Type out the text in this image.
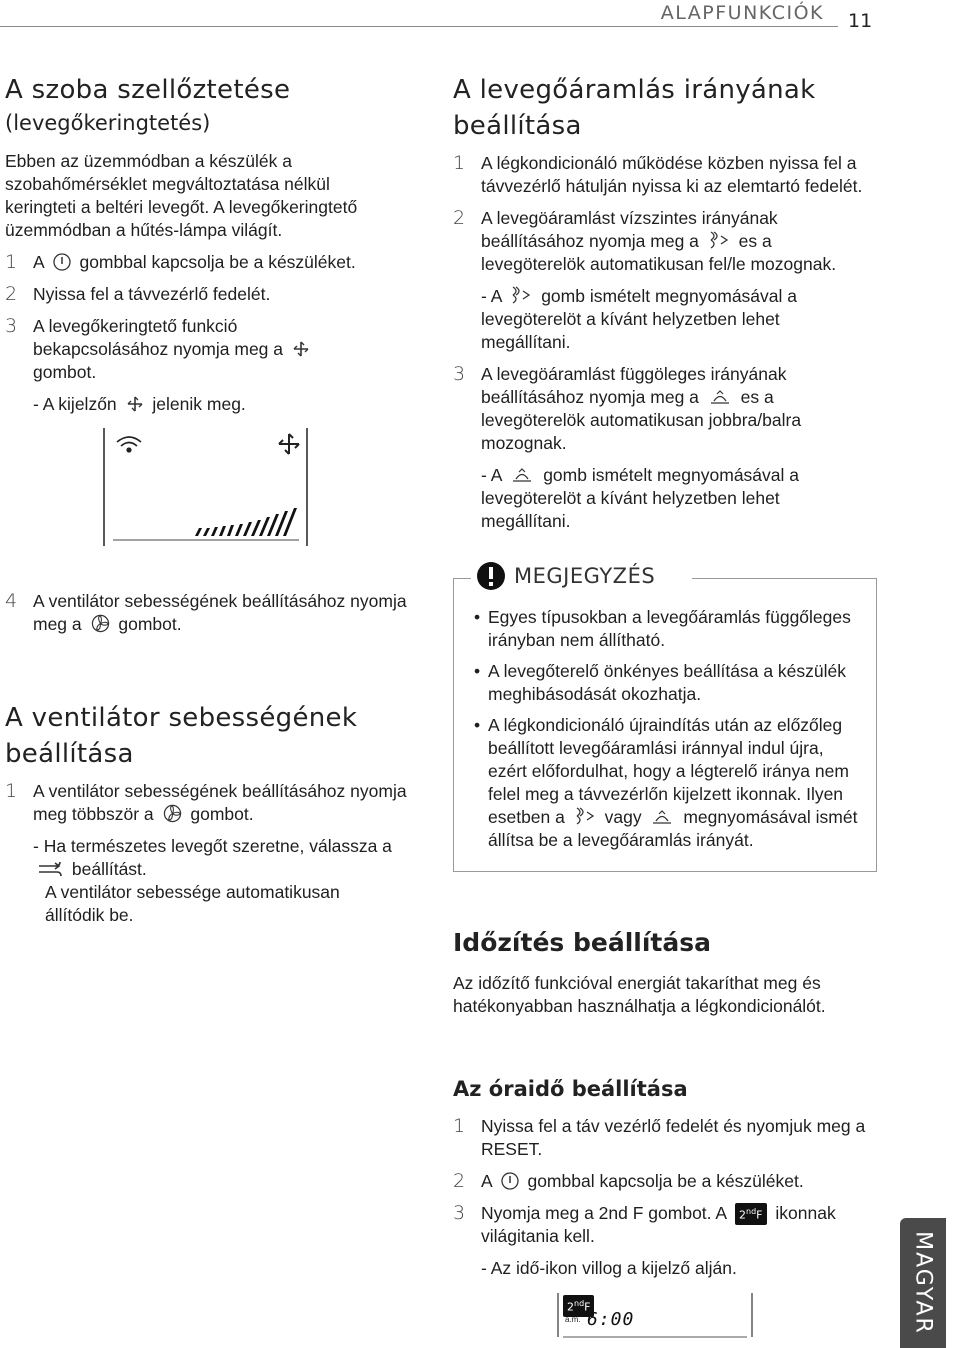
ALAPFUNKCIÓK 11
A szoba szellőztetése
(levegőkeringtetés)
Ebben az üzemmódban a készülék a szobahőmérséklet megváltoztatása nélkül keringteti a beltéri levegőt. A levegőkeringtető üzemmódban a hűtés-lámpa világít.
1 A gombbal kapcsolja be a készüléket.
2 Nyissa fel a távvezérlő fedelét.
3 A levegőkeringtető funkció bekapcsolásához nyomja meg a  gombot.
- A kijelzőn jelenik meg.
4 A ventilátor sebességének beállításához nyomja meg a gombot.
A ventilátor sebességének beállítása
1 A ventilátor sebességének beállításához nyomja meg többször a gombot.
- Ha természetes levegőt szeretne, válassza a  beállítást.
A ventilátor sebessége automatikusan állítódik be.
A levegőáramlás irányának beállítása
1 A légkondicionáló működése közben nyissa fel a távvezérlő hátulján nyissa ki az elemtartó fedelét.
2 A levegöáramlást vízszintes irányának beállításához nyomja meg a es a levegöterelök automatikusan fel/le mozognak.
- A gomb ismételt megnyomásával a levegöterelöt a kívánt helyzetben lehet megállítani.
3 A levegöáramlást függöleges irányának beállításához nyomja meg a es a levegöterelök automatikusan jobbra/balra mozognak.
- A gomb ismételt megnyomásával a levegöterelöt a kívánt helyzetben lehet megállítani.
MEGJEGYZÉS
• Egyes típusokban a levegőáramlás függőleges irányban nem állítható.
• A levegőterelő önkényes beállítása a készülék meghibásodását okozhatja.
• A légkondicionáló újraindítás után az előzőleg beállított levegőáramlási iránnyal indul újra, ezért előfordulhat, hogy a légterelő iránya nem felel meg a távvezérlőn kijelzett ikonnak. Ilyen esetben a vagy megnyomásával ismét állítsa be a levegőáramlás irányát.
Időzítés beállítása
Az időzítő funkcióval energiát takaríthat meg és hatékonyabban használhatja a légkondicionálót.
Az óraidő beállítása
1 Nyissa fel a táv vezérlő fedelét és nyomjuk meg a RESET.
2 A gombbal kapcsolja be a készüléket.
3 Nyomja meg a 2nd F gombot. A 2ndF ikonnak világitania kell.
- Az idő-ikon villog a kijelző alján.
2ndF
a.m. 6:00	MAGYAR
